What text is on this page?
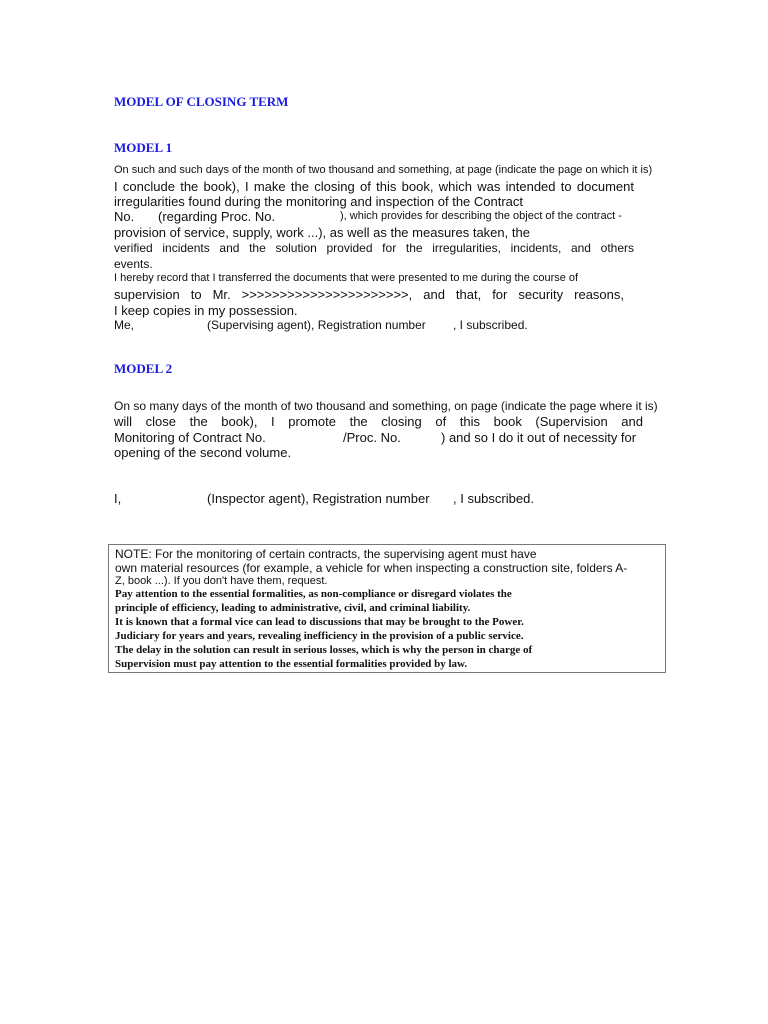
MODEL OF CLOSING TERM
MODEL 1
On such and such days of the month of two thousand and something, at page (indicate the page on which it is)
I conclude the book), I make the closing of this book, which was intended to document
irregularities found during the monitoring and inspection of the Contract
No. (regarding Proc. No.	), which provides for describing the object of the contract -
provision of service, supply, work ...), as well as the measures taken, the
verified incidents and the solution provided for the irregularities, incidents, and others
events.
I hereby record that I transferred the documents that were presented to me during the course of
supervision to Mr. >>>>>>>>>>>>>>>>>>>>>>, and that, for security reasons,
I keep copies in my possession.
Me,	(Supervising agent), Registration number , I subscribed.
MODEL 2
On so many days of the month of two thousand and something, on page (indicate the page where it is)
will close the book), I promote the closing of this book (Supervision and
Monitoring of Contract No.	/Proc. No.	) and so I do it out of necessity for
opening of the second volume.
I,	(Inspector agent), Registration number , I subscribed.
NOTE: For the monitoring of certain contracts, the supervising agent must have
own material resources (for example, a vehicle for when inspecting a construction site, folders A-
Z, book ...). If you don't have them, request.
Pay attention to the essential formalities, as non-compliance or disregard violates the
principle of efficiency, leading to administrative, civil, and criminal liability.
It is known that a formal vice can lead to discussions that may be brought to the Power.
Judiciary for years and years, revealing inefficiency in the provision of a public service.
The delay in the solution can result in serious losses, which is why the person in charge of
Supervision must pay attention to the essential formalities provided by law.
